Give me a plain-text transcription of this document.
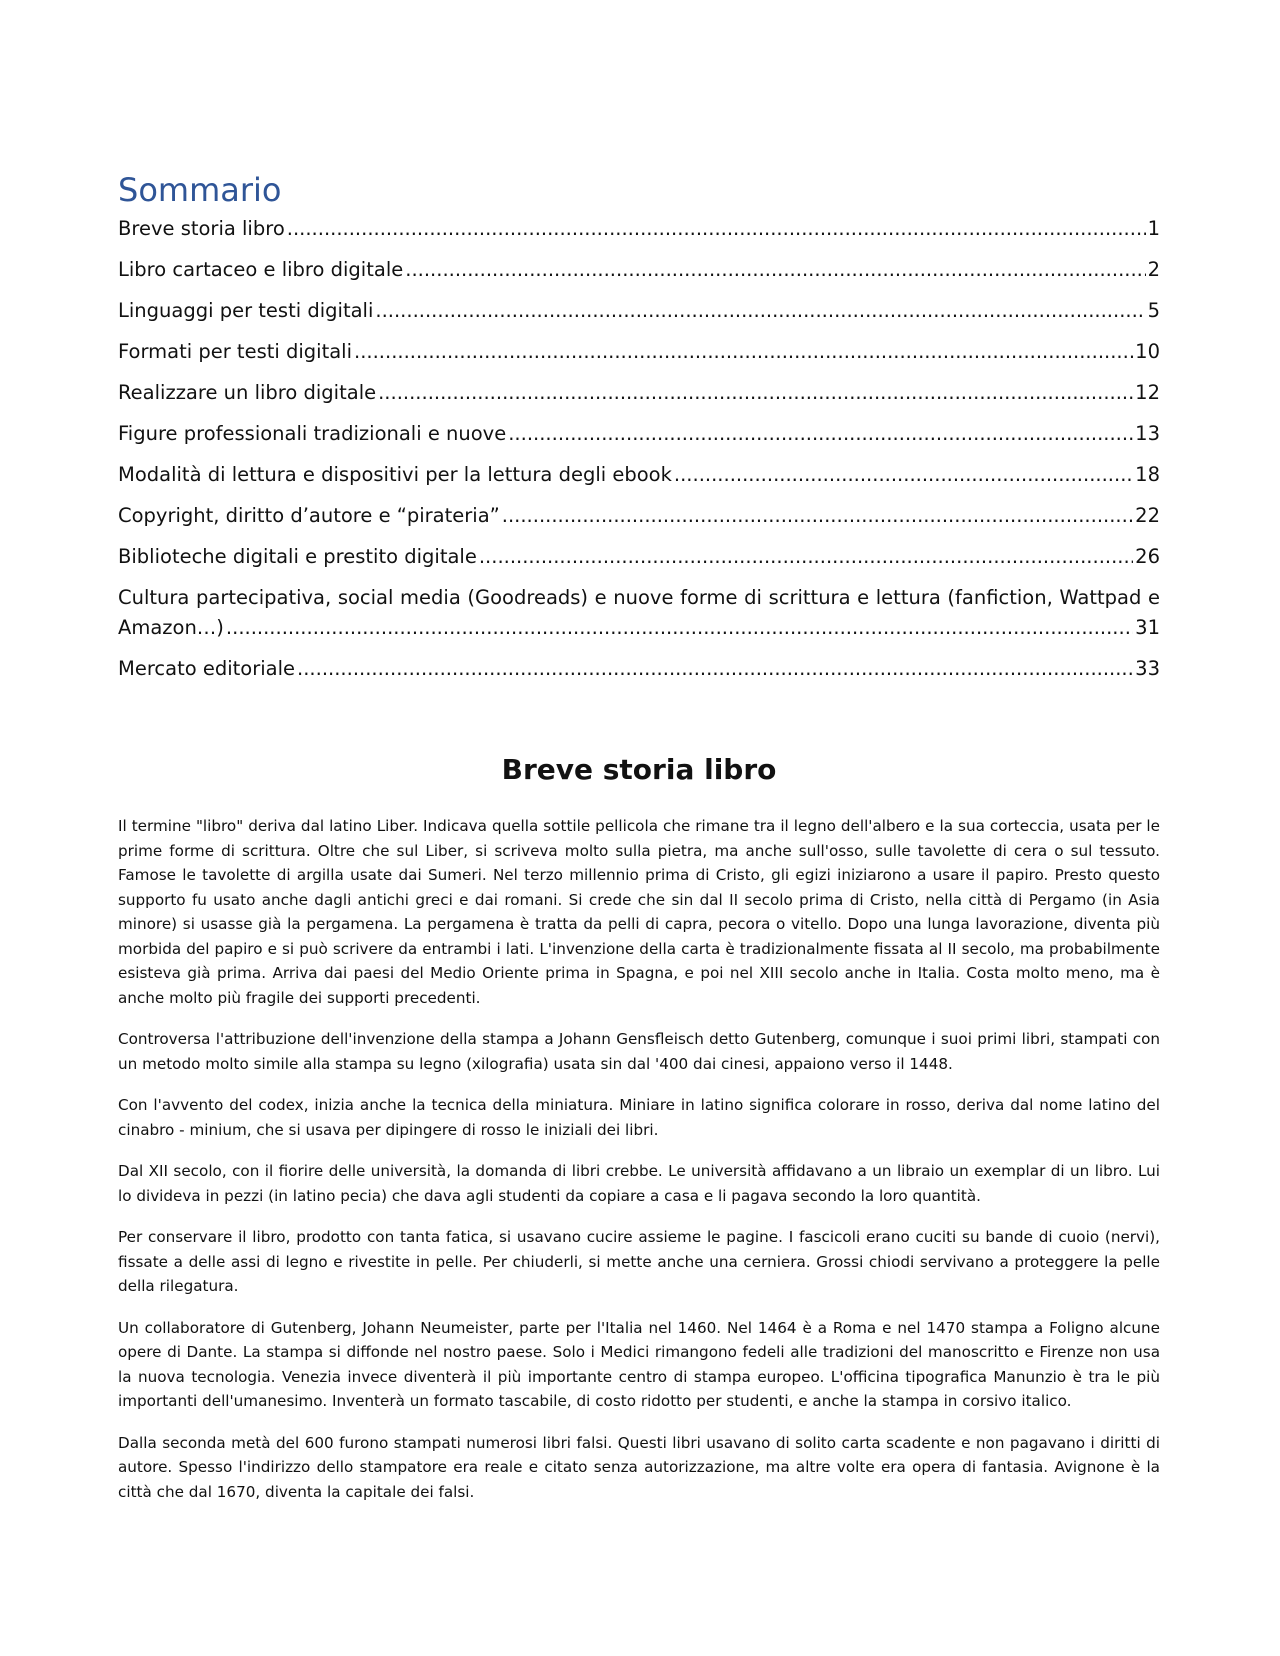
Sommario
Breve storia libro .....	1
Libro cartaceo e libro digitale .....	2
Linguaggi per testi digitali .....	5
Formati per testi digitali .....	10
Realizzare un libro digitale .....	12
Figure professionali tradizionali e nuove .....	13
Modalità di lettura e dispositivi per la lettura degli ebook .....	18
Copyright, diritto d’autore e “pirateria” .....	22
Biblioteche digitali e prestito digitale .....	26
Cultura partecipativa, social media (Goodreads) e nuove forme di scrittura e lettura (fanfiction, Wattpad e
Amazon…) .....	31
Mercato editoriale .....	33
Breve storia libro

Il termine "libro" deriva dal latino Liber. Indicava quella sottile pellicola che rimane tra il legno dell'albero e la sua corteccia, usata per le prime forme di scrittura. Oltre che sul Liber, si scriveva molto sulla pietra, ma anche sull'osso, sulle tavolette di cera o sul tessuto. Famose le tavolette di argilla usate dai Sumeri. Nel terzo millennio prima di Cristo, gli egizi iniziarono a usare il papiro. Presto questo supporto fu usato anche dagli antichi greci e dai romani. Si crede che sin dal II secolo prima di Cristo, nella città di Pergamo (in Asia minore) si usasse già la pergamena. La pergamena è tratta da pelli di capra, pecora o vitello. Dopo una lunga lavorazione, diventa più morbida del papiro e si può scrivere da entrambi i lati. L'invenzione della carta è tradizionalmente fissata al II secolo, ma probabilmente esisteva già prima. Arriva dai paesi del Medio Oriente prima in Spagna, e poi nel XIII secolo anche in Italia. Costa molto meno, ma è anche molto più fragile dei supporti precedenti.

Controversa l'attribuzione dell'invenzione della stampa a Johann Gensfleisch detto Gutenberg, comunque i suoi primi libri, stampati con un metodo molto simile alla stampa su legno (xilografia) usata sin dal '400 dai cinesi, appaiono verso il 1448.

Con l'avvento del codex, inizia anche la tecnica della miniatura. Miniare in latino significa colorare in rosso, deriva dal nome latino del cinabro - minium, che si usava per dipingere di rosso le iniziali dei libri.

Dal XII secolo, con il fiorire delle università, la domanda di libri crebbe. Le università affidavano a un libraio un exemplar di un libro. Lui lo divideva in pezzi (in latino pecia) che dava agli studenti da copiare a casa e li pagava secondo la loro quantità.

Per conservare il libro, prodotto con tanta fatica, si usavano cucire assieme le pagine. I fascicoli erano cuciti su bande di cuoio (nervi), fissate a delle assi di legno e rivestite in pelle. Per chiuderli, si mette anche una cerniera. Grossi chiodi servivano a proteggere la pelle della rilegatura.

Un collaboratore di Gutenberg, Johann Neumeister, parte per l'Italia nel 1460. Nel 1464 è a Roma e nel 1470 stampa a Foligno alcune opere di Dante. La stampa si diffonde nel nostro paese. Solo i Medici rimangono fedeli alle tradizioni del manoscritto e Firenze non usa la nuova tecnologia. Venezia invece diventerà il più importante centro di stampa europeo. L'officina tipografica Manunzio è tra le più importanti dell'umanesimo. Inventerà un formato tascabile, di costo ridotto per studenti, e anche la stampa in corsivo italico.

Dalla seconda metà del 600 furono stampati numerosi libri falsi. Questi libri usavano di solito carta scadente e non pagavano i diritti di autore. Spesso l'indirizzo dello stampatore era reale e citato senza autorizzazione, ma altre volte era opera di fantasia. Avignone è la città che dal 1670, diventa la capitale dei falsi.
